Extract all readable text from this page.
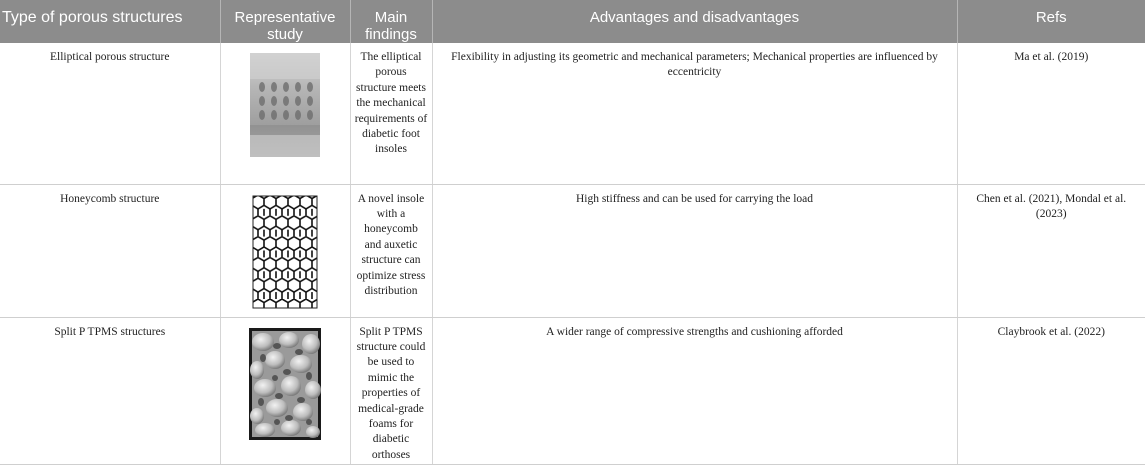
Type of porous structures	Representative study	Main findings	Advantages and disadvantages	Refs
Elliptical porous structure		The elliptical porous structure meets the mechanical requirements of diabetic foot insoles	Flexibility in adjusting its geometric and mechanical parameters; Mechanical properties are influenced by eccentricity	Ma et al. (2019)
Honeycomb structure		A novel insole with a honeycomb and auxetic structure can optimize stress distribution	High stiffness and can be used for carrying the load	Chen et al. (2021), Mondal et al. (2023)
Split P TPMS structures		Split P TPMS structure could be used to mimic the properties of medical-grade foams for diabetic orthoses	A wider range of compressive strengths and cushioning afforded	Claybrook et al. (2022)
